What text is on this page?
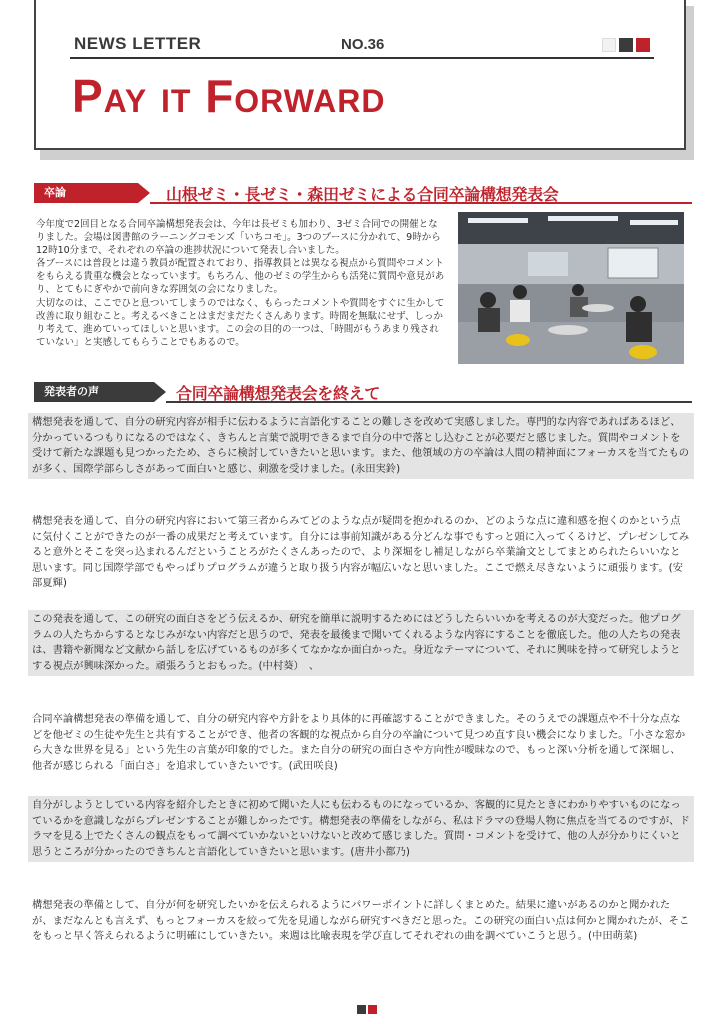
NEWS LETTER	NO.36
Pay it Forward
卒論	山根ゼミ・長ゼミ・森田ゼミによる合同卒論構想発表会

今年度で2回目となる合同卒論構想発表会は、今年は長ゼミも加わり、3ゼミ合同での開催となりました。会場は図書館のラーニングコモンズ「いちコモ」。3つのブースに分かれて、9時から12時10分まで、それぞれの卒論の進捗状況について発表し合いました。

各ブースには普段とは違う教員が配置されており、指導教員とは異なる視点から質問やコメントをもらえる貴重な機会となっています。もちろん、他のゼミの学生からも活発に質問や意見があり、とてもにぎやかで前向きな雰囲気の会になりました。

大切なのは、ここでひと息ついてしまうのではなく、もらったコメントや質問をすぐに生かして改善に取り組むこと。考えるべきことはまだまだたくさんあります。時間を無駄にせず、しっかり考えて、進めていってほしいと思います。この会の目的の一つは、「時間がもうあまり残されていない」と実感してもらうことでもあるので。

発表者の声	合同卒論構想発表会を終えて
構想発表を通して、自分の研究内容が相手に伝わるように言語化することの難しさを改めて実感しました。専門的な内容であればあるほど、分かっているつもりになるのではなく、きちんと言葉で説明できるまで自分の中で落とし込むことが必要だと感じました。質問やコメントを受けて新たな課題も見つかったため、さらに検討していきたいと思います。また、他領域の方の卒論は人間の精神面にフォーカスを当てたものが多く、国際学部らしさがあって面白いと感じ、刺激を受けました。(永田実鈴)
構想発表を通して、自分の研究内容において第三者からみてどのような点が疑問を抱かれるのか、どのような点に違和感を抱くのかという点に気付くことができたのが一番の成果だと考えています。自分には事前知識がある分どんな事でもすっと頭に入ってくるけど、プレゼンしてみると意外とそこを突っ込まれるんだということろがたくさんあったので、より深堀をし補足しながら卒業論文としてまとめられたらいいなと思います。同じ国際学部でもやっぱりプログラムが違うと取り扱う内容が幅広いなと思いました。ここで燃え尽きないように頑張ります。(安部夏輝)
この発表を通して、この研究の面白さをどう伝えるか、研究を簡単に説明するためにはどうしたらいいかを考えるのが大変だった。他プログラムの人たちからするとなじみがない内容だと思うので、発表を最後まで聞いてくれるような内容にすることを徹底した。他の人たちの発表は、書籍や新聞など文献から話しを広げているものが多くてなかなか面白かった。身近なテーマについて、それに興味を持って研究しようとする視点が興味深かった。頑張ろうとおもった。(中村葵）　、
合同卒論構想発表の準備を通して、自分の研究内容や方針をより具体的に再確認することができました。そのうえでの課題点や不十分な点などを他ゼミの生徒や先生と共有することができ、他者の客観的な視点から自分の卒論について見つめ直す良い機会になりました。「小さな窓から大きな世界を見る」という先生の言葉が印象的でした。また自分の研究の面白さや方向性が曖昧なので、もっと深い分析を通して深堀し、他者が感じられる「面白さ」を追求していきたいです。(武田咲良)
自分がしようとしている内容を紹介したときに初めて聞いた人にも伝わるものになっているか、客観的に見たときにわかりやすいものになっているかを意識しながらプレゼンすることが難しかったです。構想発表の準備をしながら、私はドラマの登場人物に焦点を当てるのですが、ドラマを見る上でたくさんの観点をもって調べていかないといけないと改めて感じました。質問・コメントを受けて、他の人が分かりにくいと思うところが分かったのできちんと言語化していきたいと思います。(唐井小都乃)
構想発表の準備として、自分が何を研究したいかを伝えられるようにパワーポイントに詳しくまとめた。結果に違いがあるのかと聞かれたが、まだなんとも言えず、もっとフォーカスを絞って先を見通しながら研究すべきだと思った。この研究の面白い点は何かと聞かれたが、そこをもっと早く答えられるように明確にしていきたい。来週は比喩表現を学び直してそれぞれの曲を調べていこうと思う。(中田萌菜)
